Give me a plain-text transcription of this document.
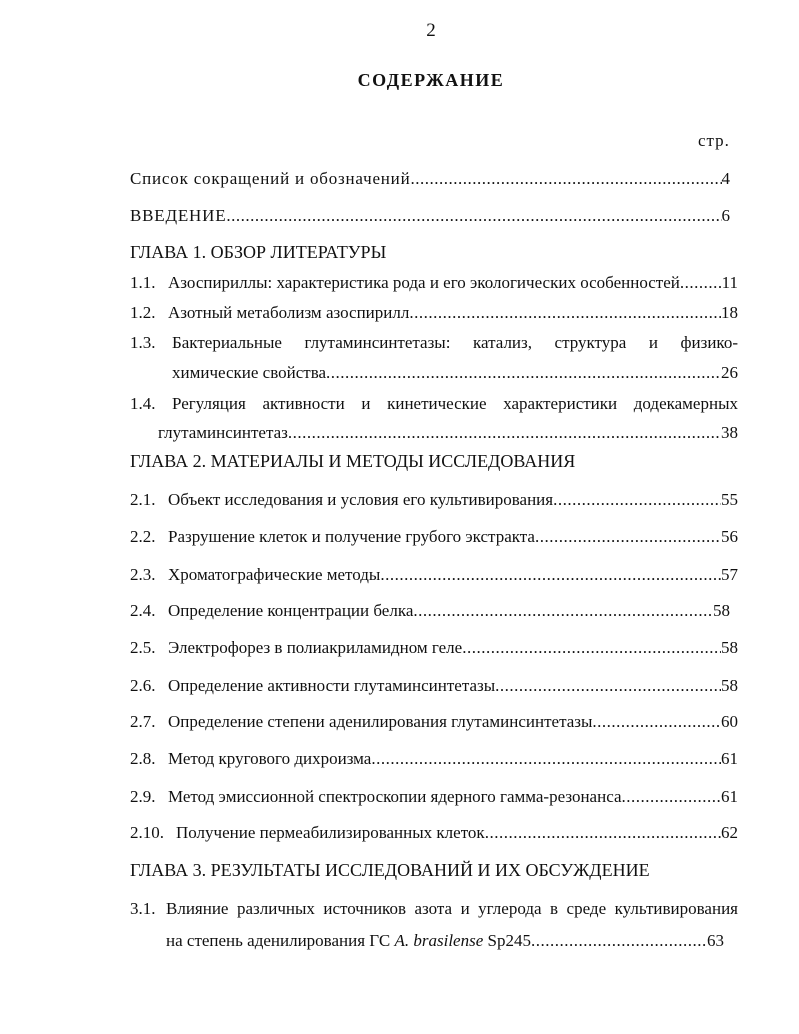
2
СОДЕРЖАНИЕ
стр.
Список сокращений и обозначений .....	4
ВВЕДЕНИЕ .....	6
ГЛАВА 1. ОБЗОР ЛИТЕРАТУРЫ
1.1. Азоспириллы: характеристика рода и его экологических особенностей ..... 11
1.2. Азотный метаболизм азоспирилл .....	18
1.3. Бактериальные глутаминсинтетазы: катализ, структура и физико-
химические свойства .....	26
1.4. Регуляция активности и кинетические характеристики додекамерных
глутаминсинтетаз .....	38
ГЛАВА 2. МАТЕРИАЛЫ И МЕТОДЫ ИССЛЕДОВАНИЯ
2.1. Объект исследования и условия его культивирования .....	55
2.2. Разрушение клеток и получение грубого экстракта .....	56
2.3. Хроматографические методы .....	57
2.4. Определение концентрации белка .....	58
2.5. Электрофорез в полиакриламидном геле .....	58
2.6. Определение активности глутаминсинтетазы .....	58
2.7. Определение степени аденилирования глутаминсинтетазы .....	60
2.8. Метод кругового дихроизма .....	61
2.9. Метод эмиссионной спектроскопии ядерного гамма-резонанса .....	61
2.10. Получение пермеабилизированных клеток .....	62
ГЛАВА 3. РЕЗУЛЬТАТЫ ИССЛЕДОВАНИЙ И ИХ ОБСУЖДЕНИЕ
3.1. Влияние различных источников азота и углерода в среде культивирования
на степень аденилирования ГС A. brasilense Sp245 .....	63
